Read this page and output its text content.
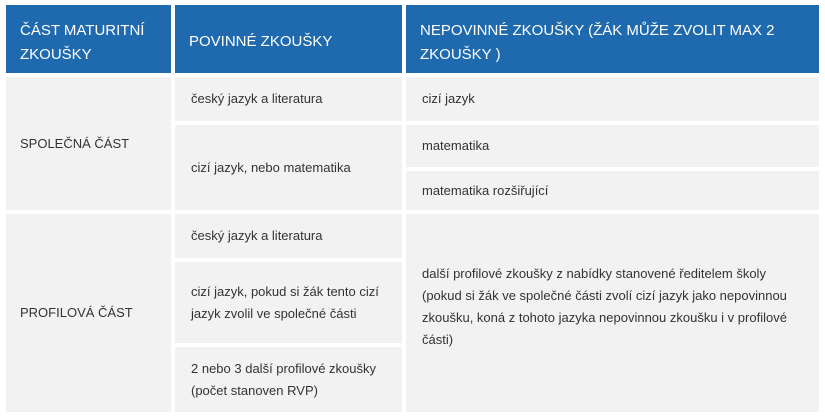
ČÁST MATURITNÍ ZKOUŠKY
POVINNÉ ZKOUŠKY
NEPOVINNÉ ZKOUŠKY (ŽÁK MŮŽE ZVOLIT MAX 2 ZKOUŠKY )
SPOLEČNÁ ČÁST
český jazyk a literatura
cizí jazyk, nebo matematika
cizí jazyk
matematika
matematika rozšiřující
PROFILOVÁ ČÁST
český jazyk a literatura
cizí jazyk, pokud si žák tento cizí jazyk zvolil ve společné části
2 nebo 3 další profilové zkoušky (počet stanoven RVP)
další profilové zkoušky z nabídky stanovené ředitelem školy (pokud si žák ve společné části zvolí cizí jazyk jako nepovinnou zkoušku, koná z tohoto jazyka nepovinnou zkoušku i v profilové části)
